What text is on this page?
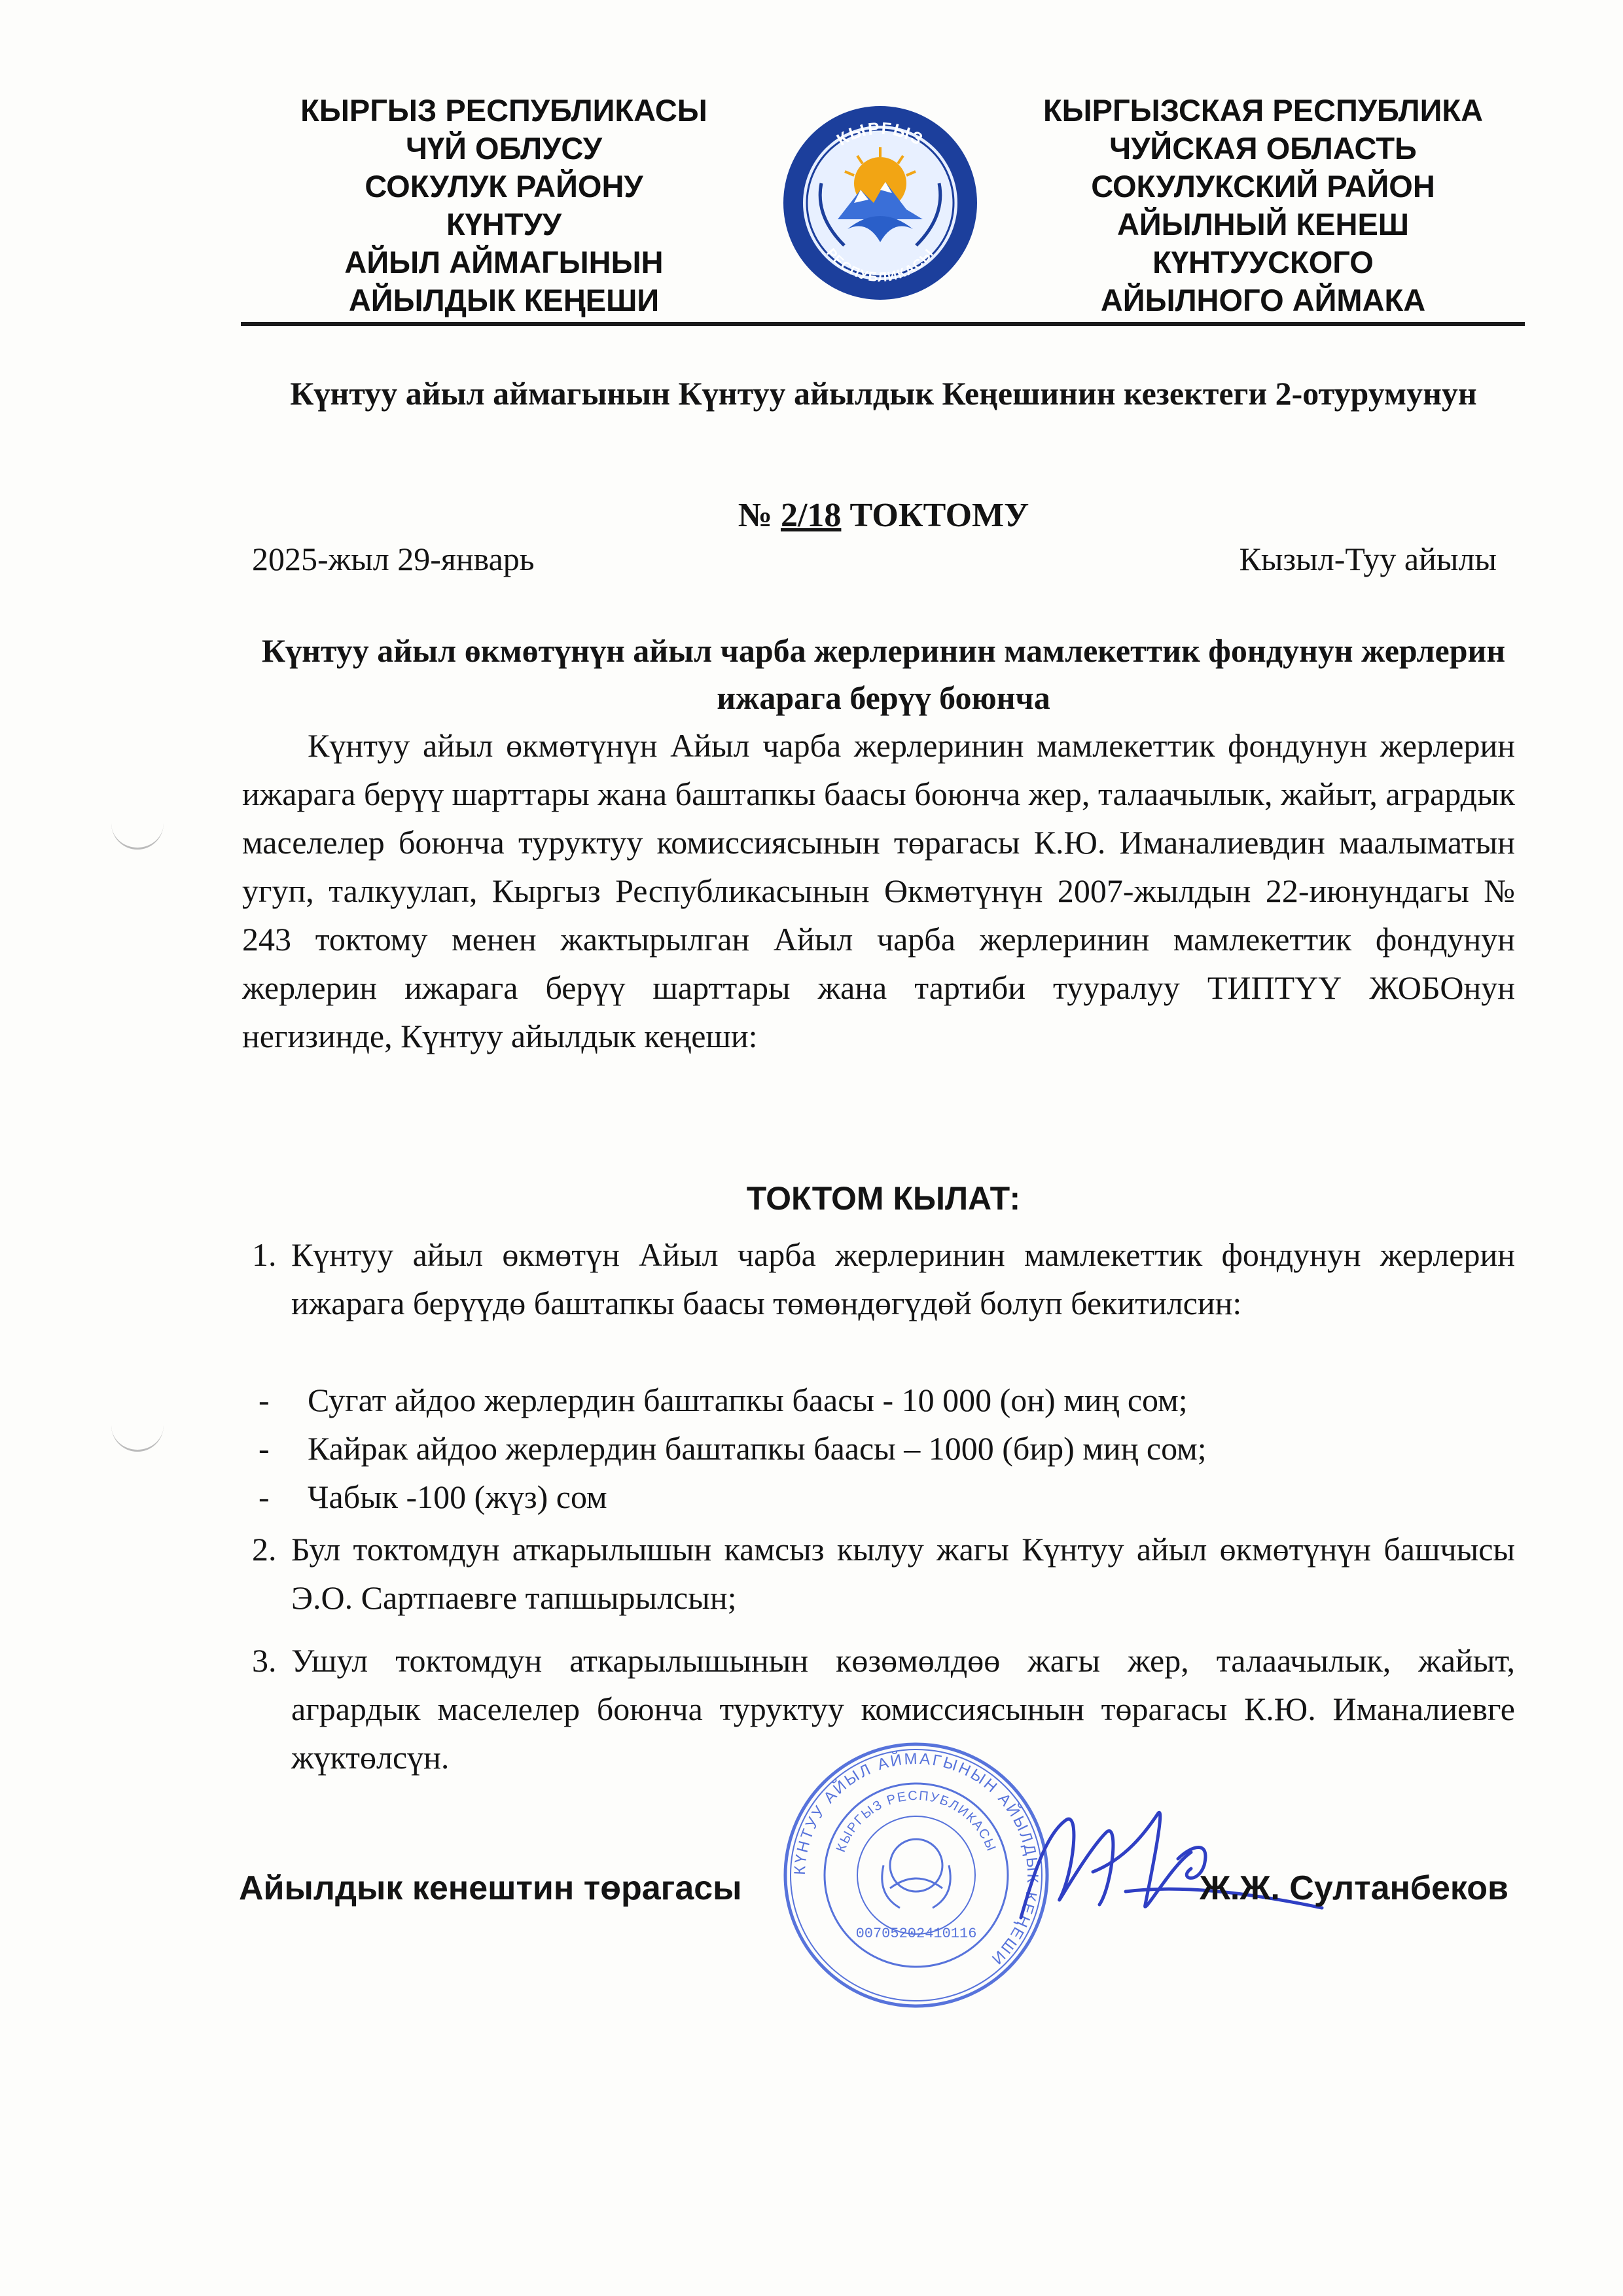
КЫРГЫЗ РЕСПУБЛИКАСЫ
ЧҮЙ ОБЛУСУ
СОКУЛУК РАЙОНУ
КҮНТУУ
АЙЫЛ АЙМАГЫНЫН
АЙЫЛДЫК КЕҢЕШИ
КЫРГЫЗ
РЕСПУБЛИКАСЫ
КЫРГЫЗСКАЯ РЕСПУБЛИКА
ЧУЙСКАЯ ОБЛАСТЬ
СОКУЛУКСКИЙ РАЙОН
АЙЫЛНЫЙ КЕНЕШ
КҮНТУУСКОГО
АЙЫЛНОГО АЙМАКА
Күнтуу айыл аймагынын Күнтуу айылдык Кеңешинин кезектеги 2-отурумунун
№ 2/18 ТОКТОМУ
2025-жыл 29-январь	Кызыл-Туу айылы
Күнтуу айыл өкмөтүнүн айыл чарба жерлеринин мамлекеттик фондунун жерлерин ижарага берүү боюнча

Күнтуу айыл өкмөтүнүн Айыл чарба жерлеринин мамлекеттик фондунун жерлерин ижарага берүү шарттары жана баштапкы баасы боюнча жер, талаачылык, жайыт, агрардык маселелер боюнча туруктуу комиссиясынын төрагасы К.Ю. Иманалиевдин маалыматын угуп, талкуулап, Кыргыз Республикасынын Өкмөтүнүн 2007-жылдын 22-июнундагы № 243 токтому менен жактырылган Айыл чарба жерлеринин мамлекеттик фондунун жерлерин ижарага берүү шарттары жана тартиби тууралуу ТИПТҮҮ ЖОБОнун негизинде, Күнтуу айылдык кеңеши:

ТОКТОМ КЫЛАТ:
1. Күнтуу айыл өкмөтүн Айыл чарба жерлеринин мамлекеттик фондунун жерлерин ижарага берүүдө баштапкы баасы төмөндөгүдөй болуп бекитилсин:
- Сугат айдоо жерлердин баштапкы баасы - 10 000 (он) миң сом;
- Кайрак айдоо жерлердин баштапкы баасы – 1000 (бир) миң сом;
- Чабык -100 (жүз) сом
2. Бул токтомдун аткарылышын камсыз кылуу жагы Күнтуу айыл өкмөтүнүн башчысы Э.О. Сартпаевге тапшырылсын;
3. Ушул токтомдун аткарылышынын көзөмөлдөө жагы жер, талаачылык, жайыт, агрардык маселелер боюнча туруктуу комиссиясынын төрагасы К.Ю. Иманалиевге жүктөлсүн.
КҮНТУУ АЙЫЛ АЙМАГЫНЫН АЙЫЛДЫК КЕҢЕШИ
КЫРГЫЗ РЕСПУБЛИКАСЫ
00705202410116
Айылдык кенештин төрагасы	Ж.Ж. Султанбеков
